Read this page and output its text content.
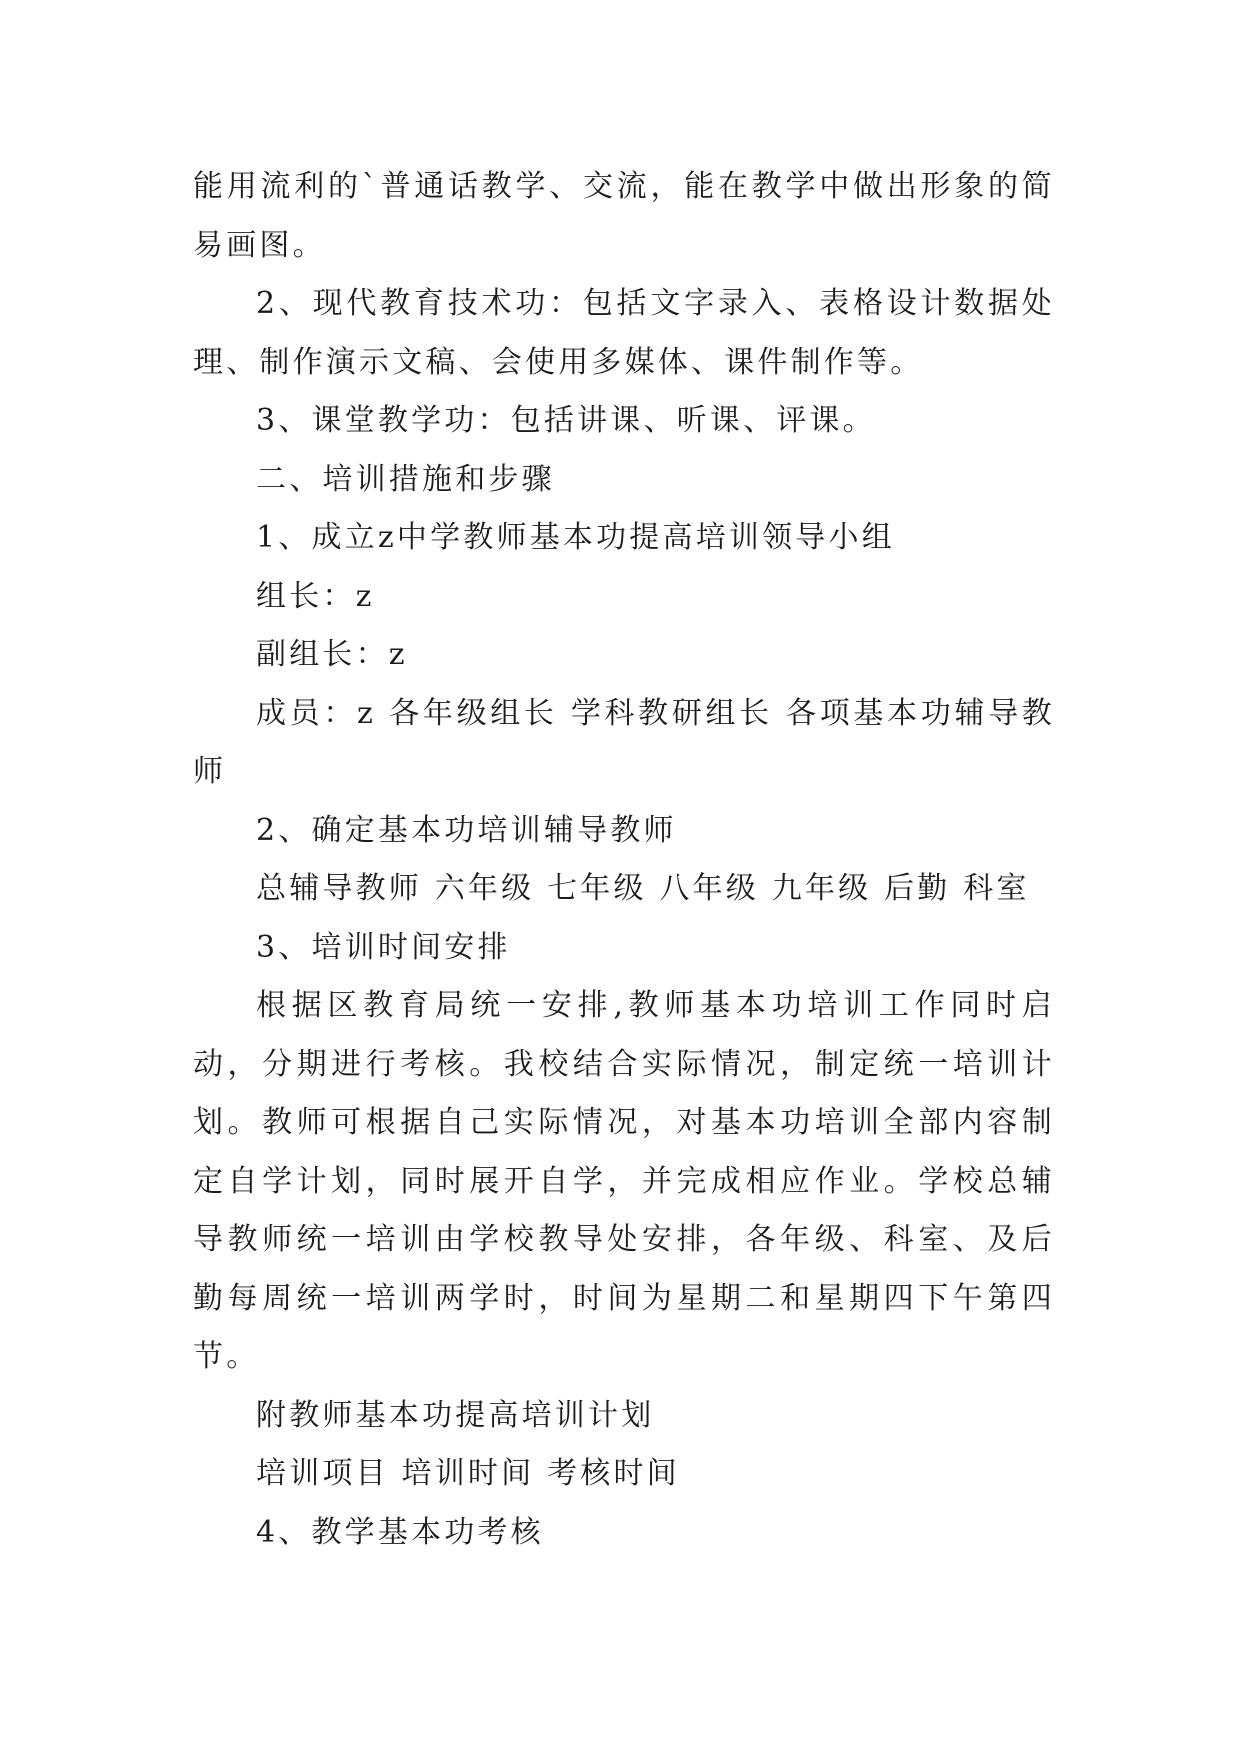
能用流利的`普通话教学、交流，能在教学中做出形象的简易画图。

2、现代教育技术功：包括文字录入、表格设计数据处理、制作演示文稿、会使用多媒体、课件制作等。

3、课堂教学功：包括讲课、听课、评课。

二、培训措施和步骤

1、成立z中学教师基本功提高培训领导小组

组长：z

副组长：z

成员：z 各年级组长 学科教研组长 各项基本功辅导教师

2、确定基本功培训辅导教师

总辅导教师 六年级 七年级 八年级 九年级 后勤 科室

3、培训时间安排

根据区教育局统一安排,教师基本功培训工作同时启动，分期进行考核。我校结合实际情况，制定统一培训计划。教师可根据自己实际情况，对基本功培训全部内容制定自学计划，同时展开自学，并完成相应作业。学校总辅导教师统一培训由学校教导处安排，各年级、科室、及后勤每周统一培训两学时，时间为星期二和星期四下午第四节。

附教师基本功提高培训计划

培训项目 培训时间 考核时间

4、教学基本功考核
